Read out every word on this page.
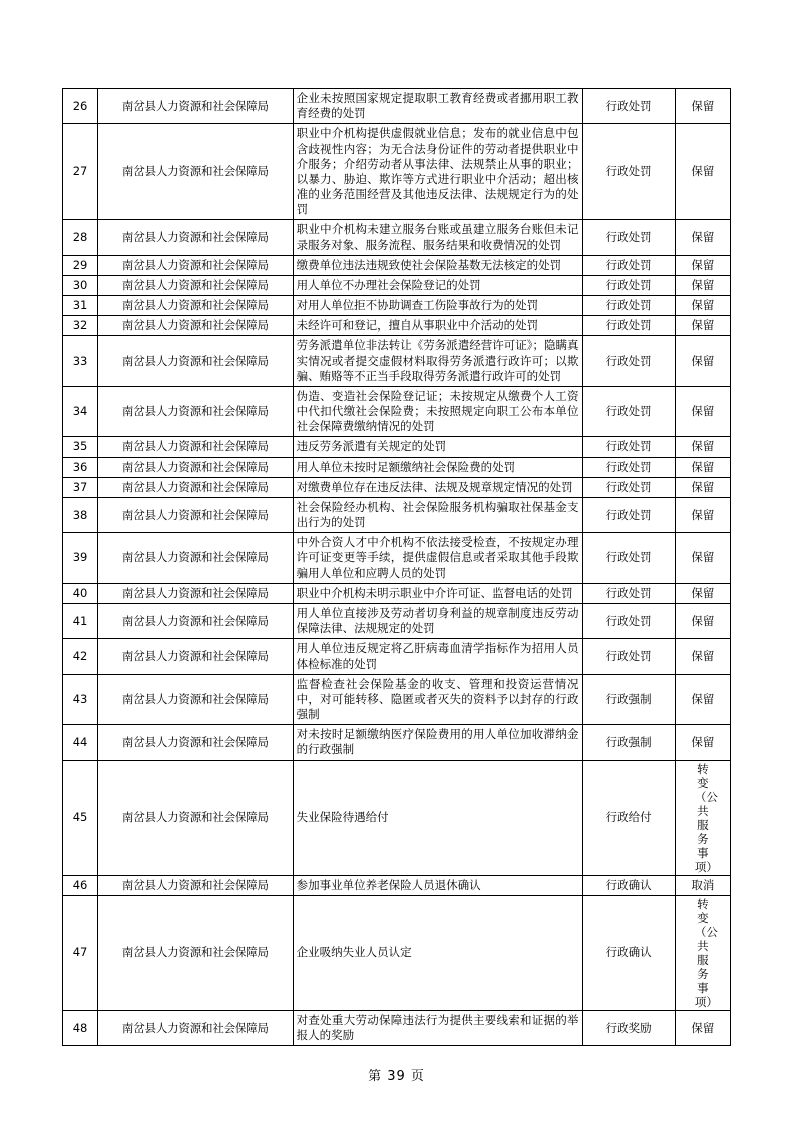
26	南岔县人力资源和社会保障局	企业未按照国家规定提取职工教育经费或者挪用职工教育经费的处罚	行政处罚	保留
27	南岔县人力资源和社会保障局	职业中介机构提供虚假就业信息；发布的就业信息中包含歧视性内容；为无合法身份证件的劳动者提供职业中介服务；介绍劳动者从事法律、法规禁止从事的职业；以暴力、胁迫、欺诈等方式进行职业中介活动；超出核准的业务范围经营及其他违反法律、法规规定行为的处罚	行政处罚	保留
28	南岔县人力资源和社会保障局	职业中介机构未建立服务台账或虽建立服务台账但未记录服务对象、服务流程、服务结果和收费情况的处罚	行政处罚	保留
29	南岔县人力资源和社会保障局	缴费单位违法违规致使社会保险基数无法核定的处罚	行政处罚	保留
30	南岔县人力资源和社会保障局	用人单位不办理社会保险登记的处罚	行政处罚	保留
31	南岔县人力资源和社会保障局	对用人单位拒不协助调查工伤险事故行为的处罚	行政处罚	保留
32	南岔县人力资源和社会保障局	未经许可和登记，擅自从事职业中介活动的处罚	行政处罚	保留
33	南岔县人力资源和社会保障局	劳务派遣单位非法转让《劳务派遣经营许可证》；隐瞒真实情况或者提交虚假材料取得劳务派遣行政许可；以欺骗、贿赂等不正当手段取得劳务派遣行政许可的处罚	行政处罚	保留
34	南岔县人力资源和社会保障局	伪造、变造社会保险登记证；未按规定从缴费个人工资中代扣代缴社会保险费；未按照规定向职工公布本单位社会保障费缴纳情况的处罚	行政处罚	保留
35	南岔县人力资源和社会保障局	违反劳务派遣有关规定的处罚	行政处罚	保留
36	南岔县人力资源和社会保障局	用人单位未按时足额缴纳社会保险费的处罚	行政处罚	保留
37	南岔县人力资源和社会保障局	对缴费单位存在违反法律、法规及规章规定情况的处罚	行政处罚	保留
38	南岔县人力资源和社会保障局	社会保险经办机构、社会保险服务机构骗取社保基金支出行为的处罚	行政处罚	保留
39	南岔县人力资源和社会保障局	中外合资人才中介机构不依法接受检查，不按规定办理许可证变更等手续，提供虚假信息或者采取其他手段欺骗用人单位和应聘人员的处罚	行政处罚	保留
40	南岔县人力资源和社会保障局	职业中介机构未明示职业中介许可证、监督电话的处罚	行政处罚	保留
41	南岔县人力资源和社会保障局	用人单位直接涉及劳动者切身利益的规章制度违反劳动保障法律、法规规定的处罚	行政处罚	保留
42	南岔县人力资源和社会保障局	用人单位违反规定将乙肝病毒血清学指标作为招用人员体检标准的处罚	行政处罚	保留
43	南岔县人力资源和社会保障局	监督检查社会保险基金的收支、管理和投资运营情况中，对可能转移、隐匿或者灭失的资料予以封存的行政强制	行政强制	保留
44	南岔县人力资源和社会保障局	对未按时足额缴纳医疗保险费用的用人单位加收滞纳金的行政强制	行政强制	保留
45	南岔县人力资源和社会保障局	失业保险待遇给付	行政给付	转变（公共服务事项）

46	南岔县人力资源和社会保障局	参加事业单位养老保险人员退休确认	行政确认	取消
47	南岔县人力资源和社会保障局	企业吸纳失业人员认定	行政确认	转变（公共服务事项）

48	南岔县人力资源和社会保障局	对查处重大劳动保障违法行为提供主要线索和证据的举报人的奖励	行政奖励	保留
第 39 页
